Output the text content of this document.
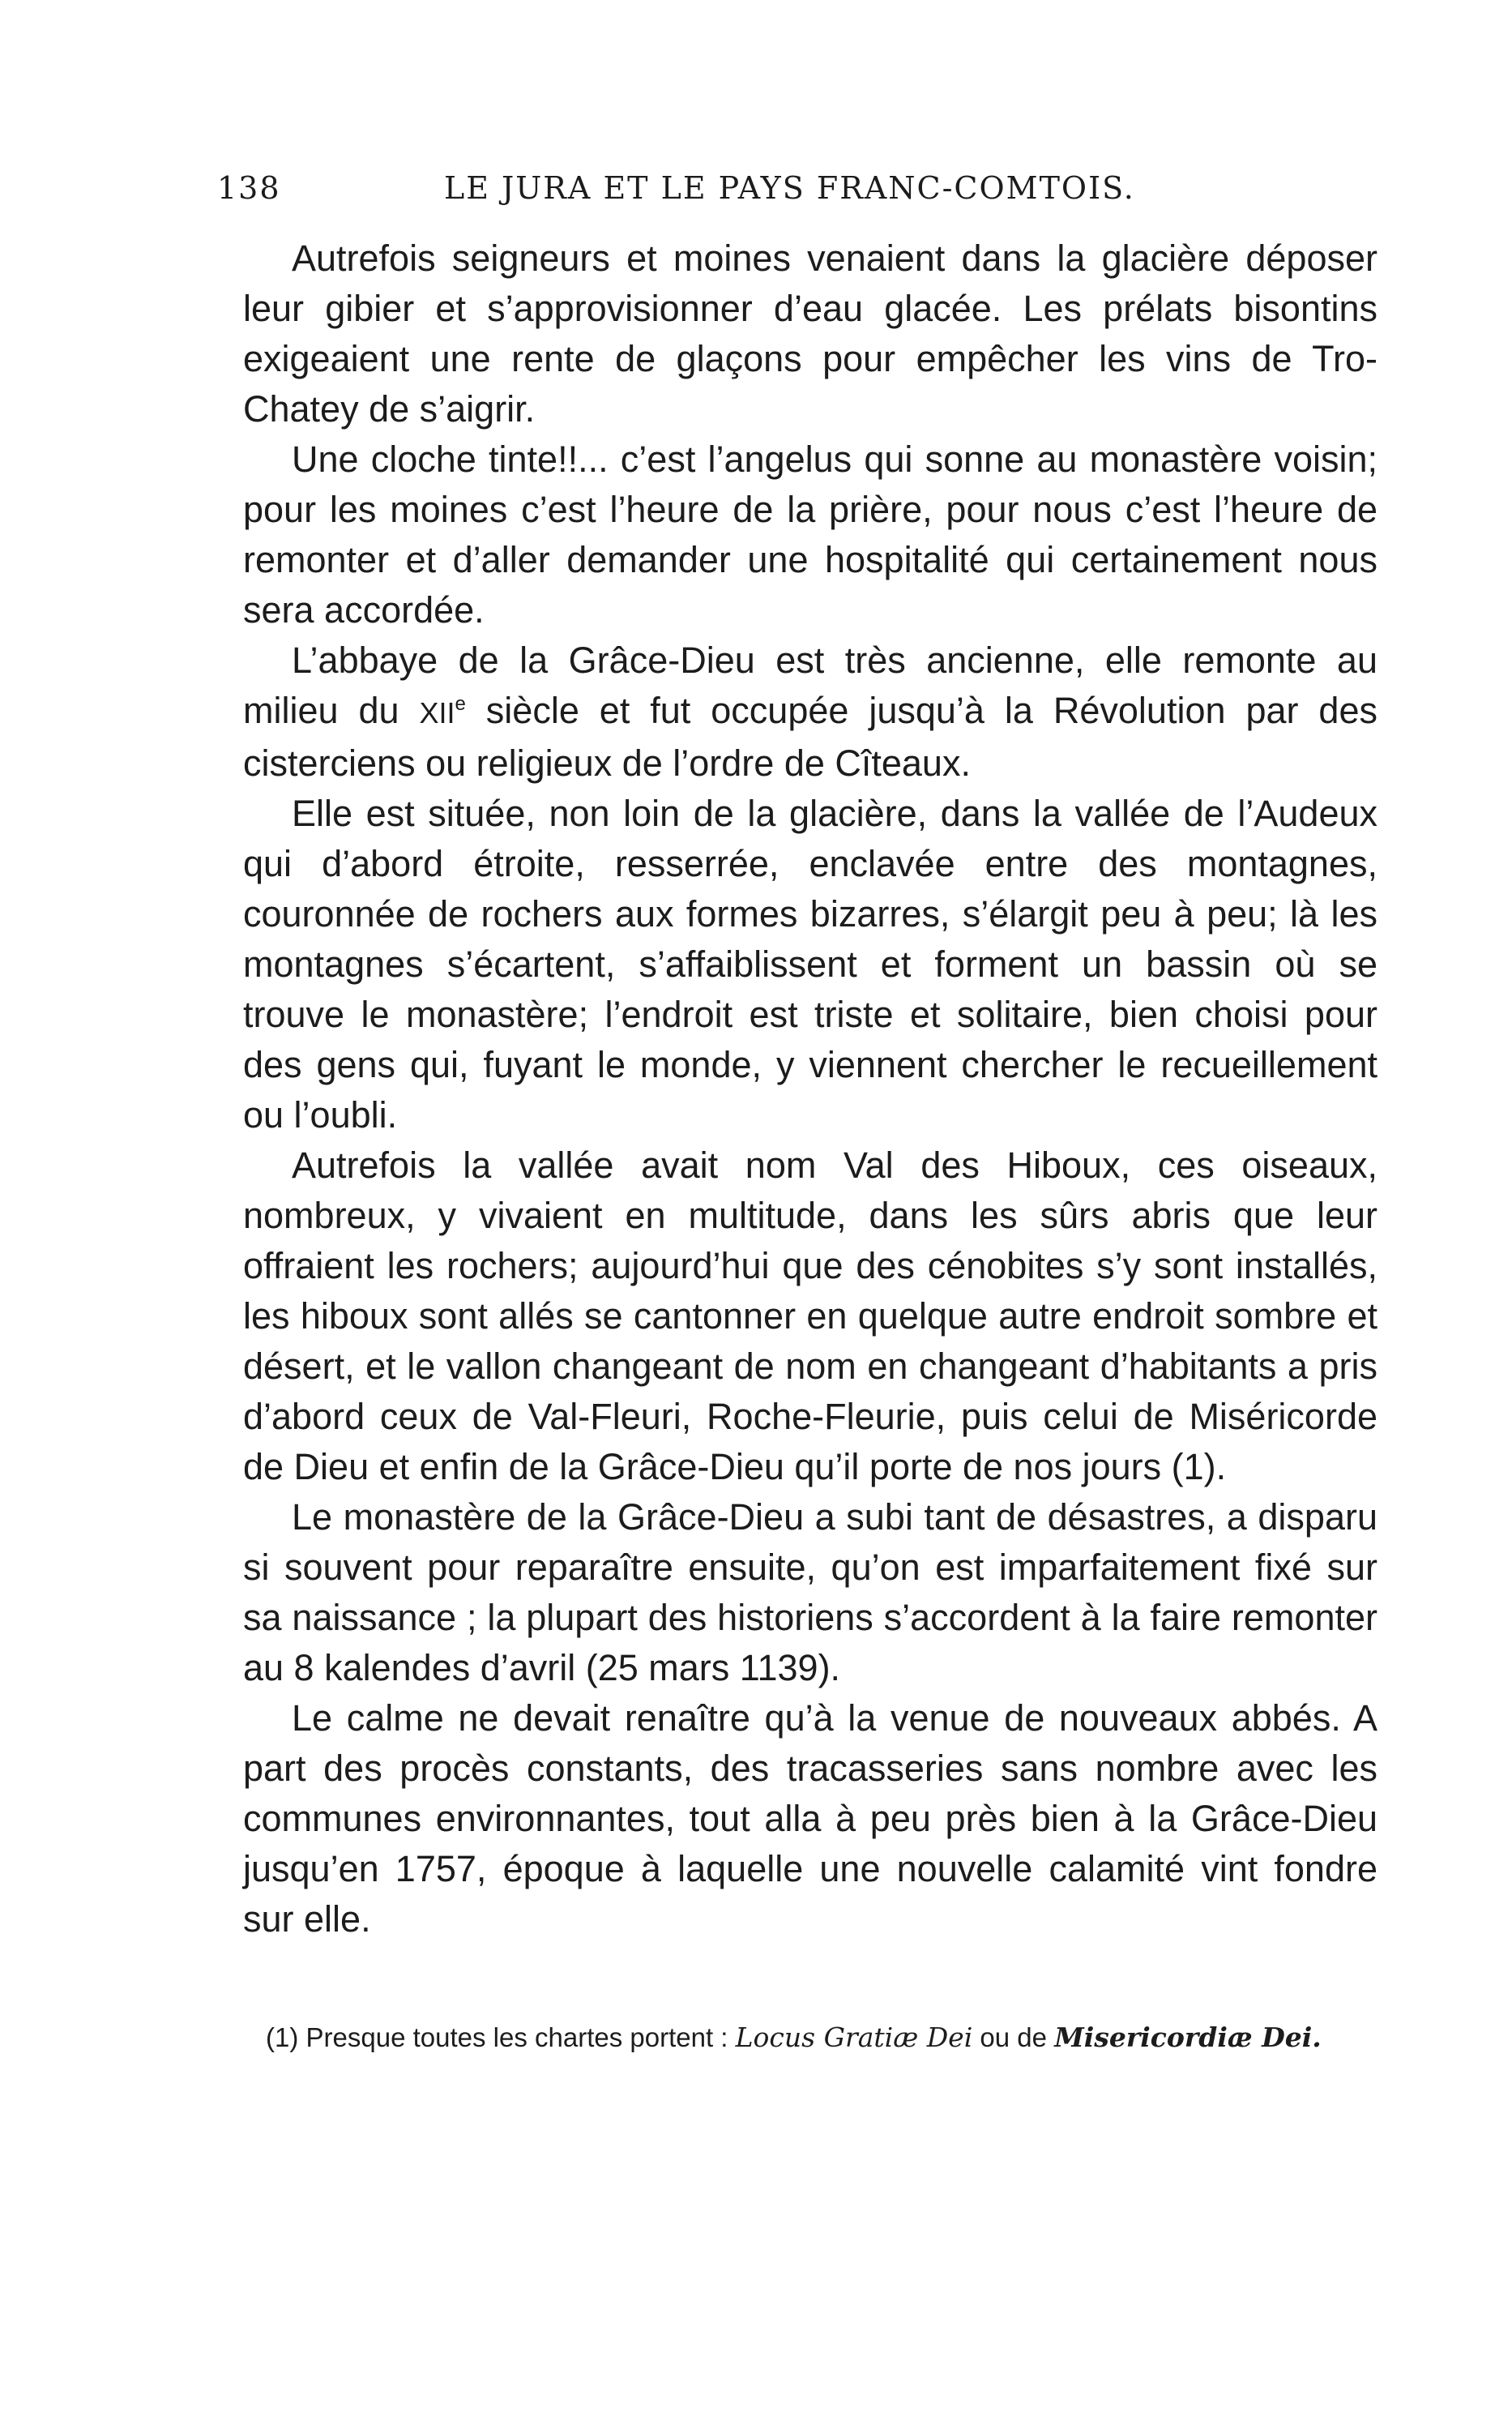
138	LE JURA ET LE PAYS FRANC-COMTOIS.

Autrefois seigneurs et moines venaient dans la glacière déposer leur gibier et s’approvisionner d’eau glacée. Les prélats bisontins exigeaient une rente de glaçons pour empêcher les vins de Tro-Chatey de s’aigrir.

Une cloche tinte!!... c’est l’angelus qui sonne au monastère voisin; pour les moines c’est l’heure de la prière, pour nous c’est l’heure de remonter et d’aller demander une hospitalité qui certainement nous sera accordée.

L’abbaye de la Grâce-Dieu est très ancienne, elle remonte au milieu du XIIe siècle et fut occupée jusqu’à la Révolution par des cisterciens ou religieux de l’ordre de Cîteaux.

Elle est située, non loin de la glacière, dans la vallée de l’Audeux qui d’abord étroite, resserrée, enclavée entre des montagnes, couronnée de rochers aux formes bizarres, s’élargit peu à peu; là les montagnes s’écartent, s’affaiblissent et forment un bassin où se trouve le monastère; l’endroit est triste et solitaire, bien choisi pour des gens qui, fuyant le monde, y viennent chercher le recueillement ou l’oubli.

Autrefois la vallée avait nom Val des Hiboux, ces oiseaux, nombreux, y vivaient en multitude, dans les sûrs abris que leur offraient les rochers; aujourd’hui que des cénobites s’y sont installés, les hiboux sont allés se cantonner en quelque autre endroit sombre et désert, et le vallon changeant de nom en changeant d’habitants a pris d’abord ceux de Val-Fleuri, Roche-Fleurie, puis celui de Miséricorde de Dieu et enfin de la Grâce-Dieu qu’il porte de nos jours (1).

Le monastère de la Grâce-Dieu a subi tant de désastres, a disparu si souvent pour reparaître ensuite, qu’on est imparfaitement fixé sur sa naissance ; la plupart des historiens s’accordent à la faire remonter au 8 kalendes d’avril (25 mars 1139).

Le calme ne devait renaître qu’à la venue de nouveaux abbés. A part des procès constants, des tracasseries sans nombre avec les communes environnantes, tout alla à peu près bien à la Grâce-Dieu jusqu’en 1757, époque à laquelle une nouvelle calamité vint fondre sur elle.

(1) Presque toutes les chartes portent : Locus Gratiæ Dei ou de Misericordiæ Dei.
